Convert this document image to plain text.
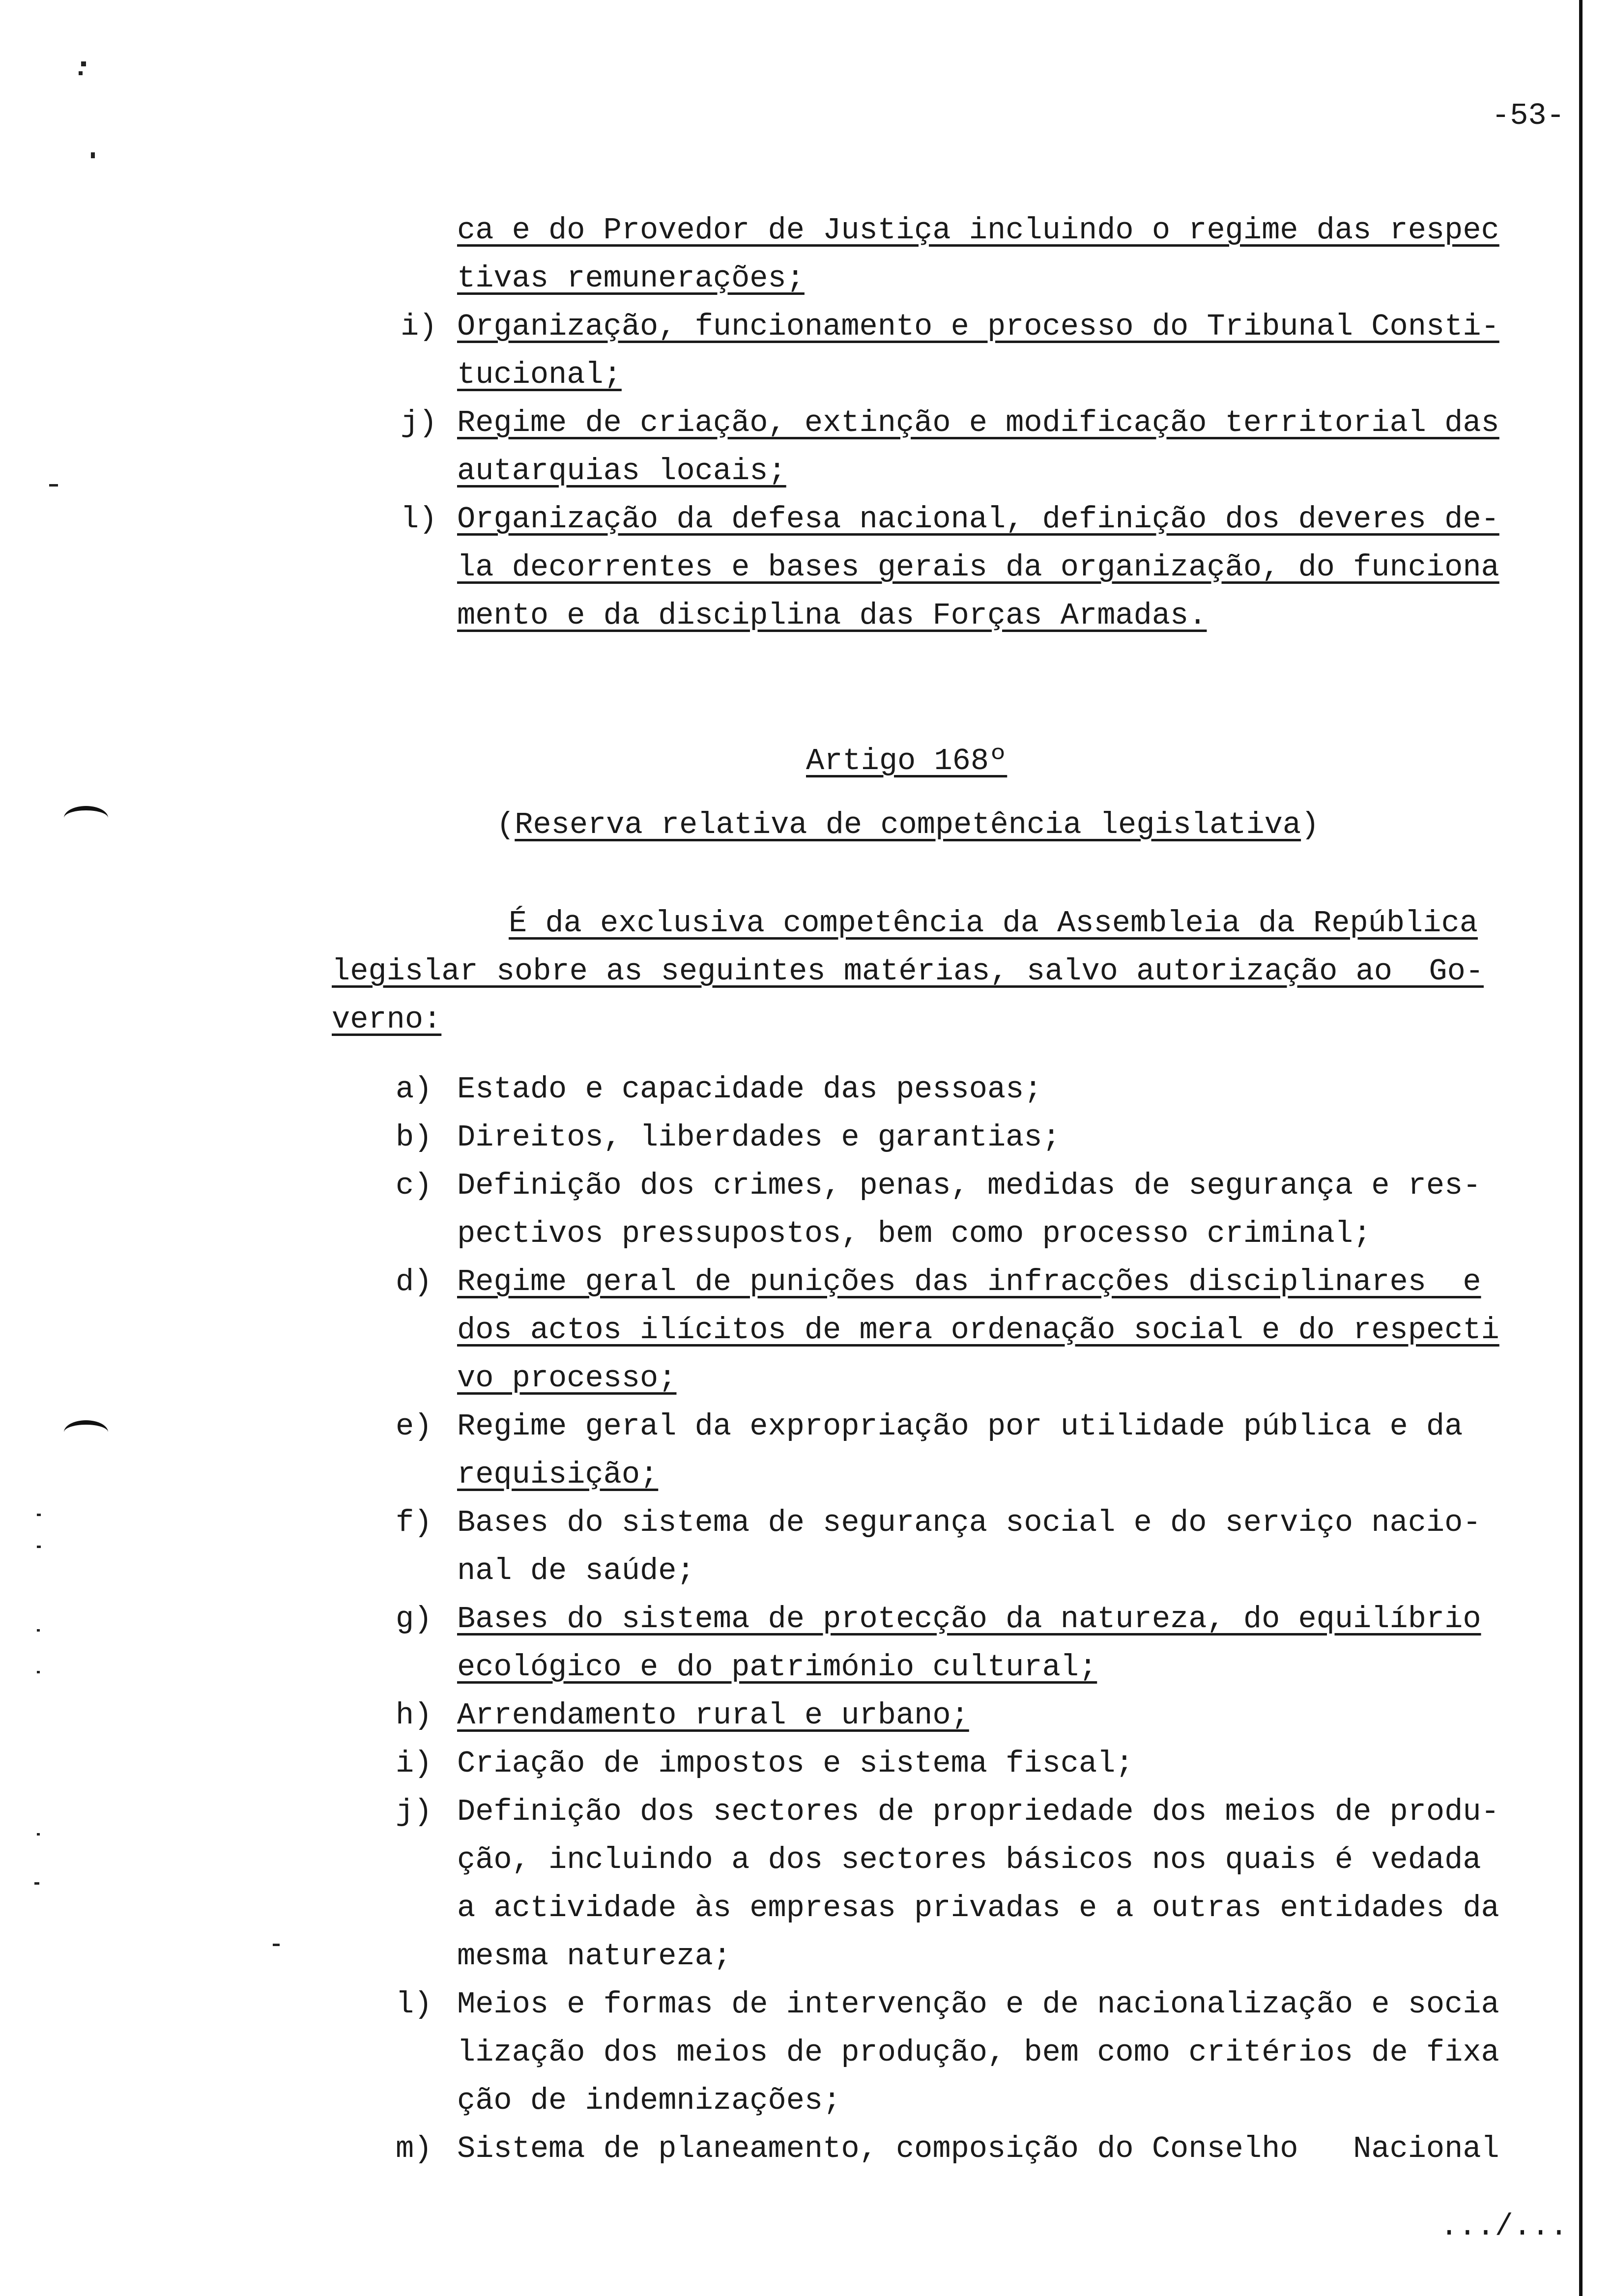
-53-
ca e do Provedor de Justiça incluindo o regime das respec
tivas remunerações;
i) Organização, funcionamento e processo do Tribunal Consti-
tucional;
j) Regime de criação, extinção e modificação territorial das
autarquias locais;
l) Organização da defesa nacional, definição dos deveres de-
la decorrentes e bases gerais da organização, do funciona
mento e da disciplina das Forças Armadas.
Artigo 168º
(Reserva relativa de competência legislativa)
É da exclusiva competência da Assembleia da República
legislar sobre as seguintes matérias, salvo autorização ao  Go-
verno:
a) Estado e capacidade das pessoas;
b) Direitos, liberdades e garantias;
c) Definição dos crimes, penas, medidas de segurança e res-
pectivos pressupostos, bem como processo criminal;
d) Regime geral de punições das infracções disciplinares  e
dos actos ilícitos de mera ordenação social e do respecti
vo processo;
e) Regime geral da expropriação por utilidade pública e da
requisição;
f) Bases do sistema de segurança social e do serviço nacio-
nal de saúde;
g) Bases do sistema de protecção da natureza, do equilíbrio
ecológico e do património cultural;
h) Arrendamento rural e urbano;
i) Criação de impostos e sistema fiscal;
j) Definição dos sectores de propriedade dos meios de produ-
ção, incluindo a dos sectores básicos nos quais é vedada
a actividade às empresas privadas e a outras entidades da
mesma natureza;
l) Meios e formas de intervenção e de nacionalização e socia
lização dos meios de produção, bem como critérios de fixa
ção de indemnizações;
m) Sistema de planeamento, composição do Conselho   Nacional
.../...
